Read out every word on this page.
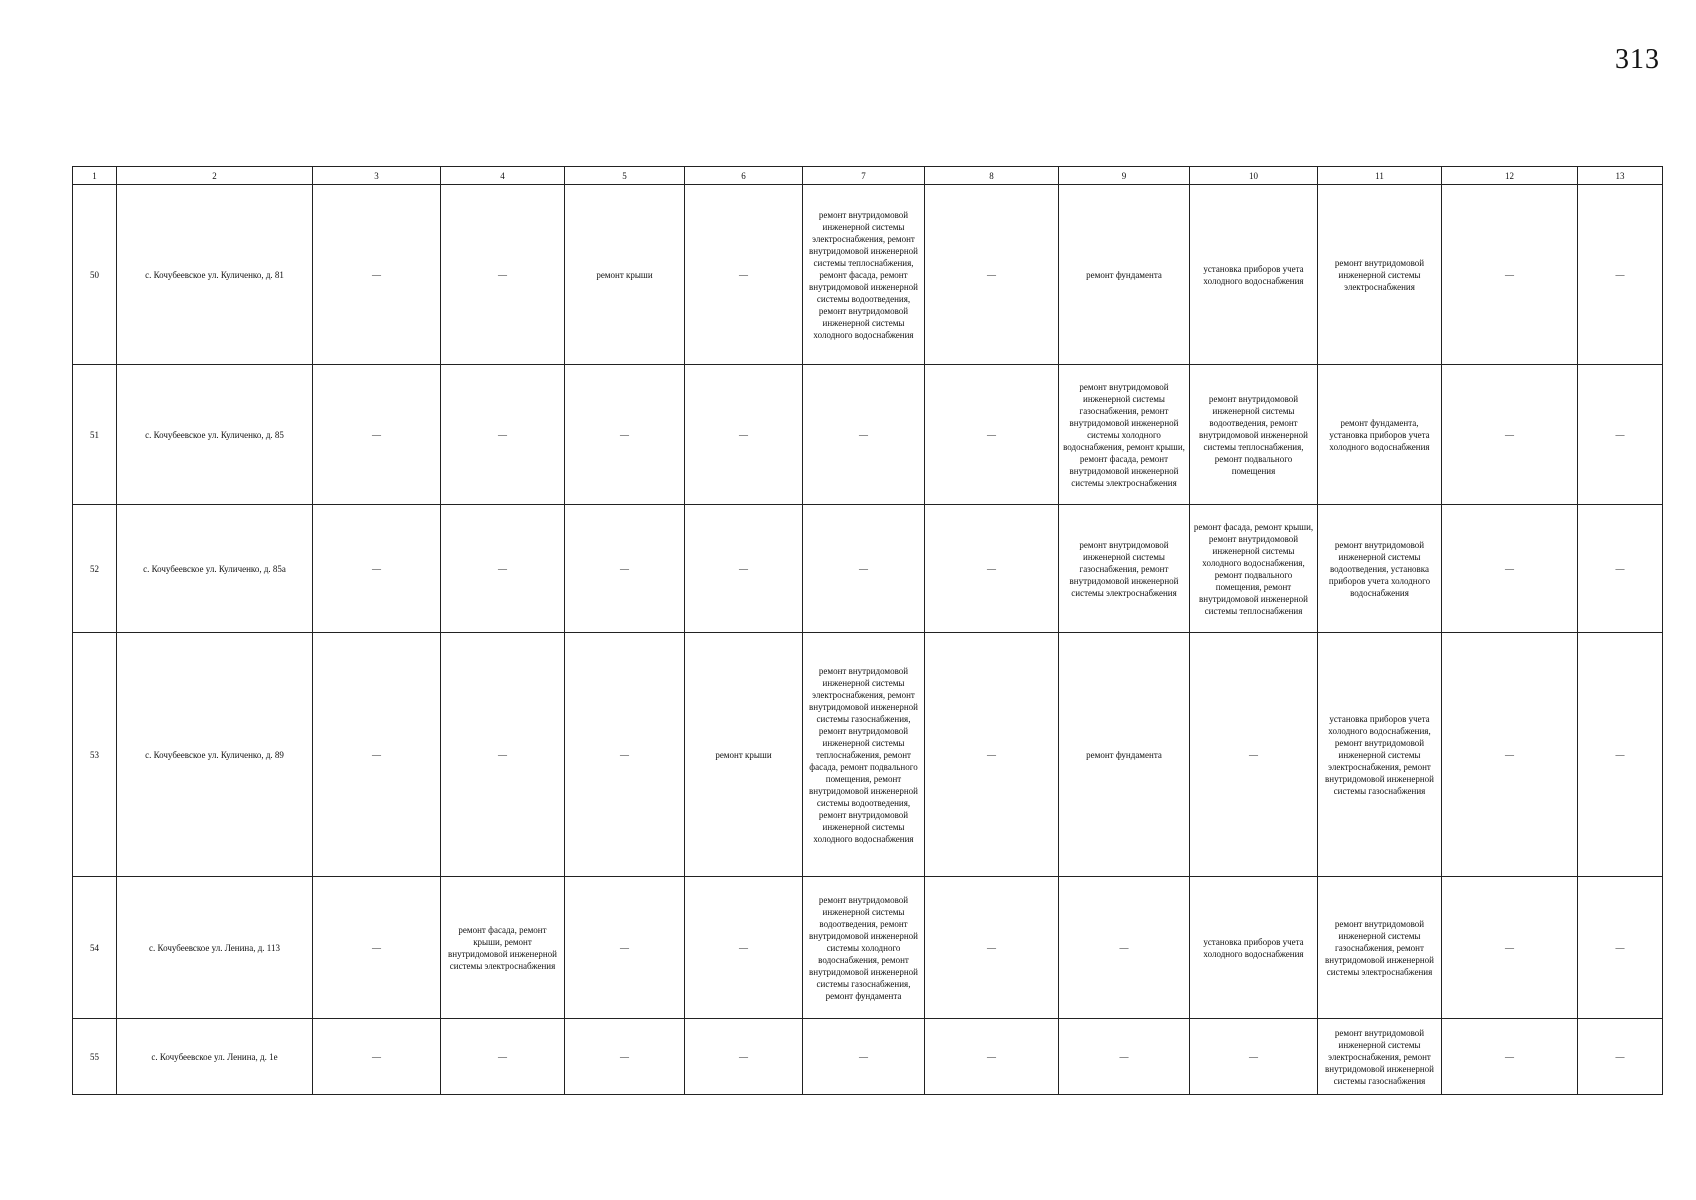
313
1	2	3	4	5	6	7	8	9	10	11	12	13
50	с. Кочубеевское ул. Куличенко, д. 81	—	—	ремонт крыши	—	ремонт внутридомовой инженерной системы электроснабжения, ремонт внутридомовой инженерной системы теплоснабжения, ремонт фасада, ремонт внутридомовой инженерной системы водоотведения, ремонт внутридомовой инженерной системы холодного водоснабжения	—	ремонт фундамента	установка приборов учета холодного водоснабжения	ремонт внутридомовой инженерной системы электроснабжения	—	—
51	с. Кочубеевское ул. Куличенко, д. 85	—	—	—	—	—	—	ремонт внутридомовой инженерной системы газоснабжения, ремонт внутридомовой инженерной системы холодного водоснабжения, ремонт крыши, ремонт фасада, ремонт внутридомовой инженерной системы электроснабжения	ремонт внутридомовой инженерной системы водоотведения, ремонт внутридомовой инженерной системы теплоснабжения, ремонт подвального помещения	ремонт фундамента, установка приборов учета холодного водоснабжения	—	—
52	с. Кочубеевское ул. Куличенко, д. 85а	—	—	—	—	—	—	ремонт внутридомовой инженерной системы газоснабжения, ремонт внутридомовой инженерной системы электроснабжения	ремонт фасада, ремонт крыши, ремонт внутридомовой инженерной системы холодного водоснабжения, ремонт подвального помещения, ремонт внутридомовой инженерной системы теплоснабжения	ремонт внутридомовой инженерной системы водоотведения, установка приборов учета холодного водоснабжения	—	—
53	с. Кочубеевское ул. Куличенко, д. 89	—	—	—	ремонт крыши	ремонт внутридомовой инженерной системы электроснабжения, ремонт внутридомовой инженерной системы газоснабжения, ремонт внутридомовой инженерной системы теплоснабжения, ремонт фасада, ремонт подвального помещения, ремонт внутридомовой инженерной системы водоотведения, ремонт внутридомовой инженерной системы холодного водоснабжения	—	ремонт фундамента	—	установка приборов учета холодного водоснабжения, ремонт внутридомовой инженерной системы электроснабжения, ремонт внутридомовой инженерной системы газоснабжения	—	—
54	с. Кочубеевское ул. Ленина, д. 113	—	ремонт фасада, ремонт крыши, ремонт внутридомовой инженерной системы электроснабжения	—	—	ремонт внутридомовой инженерной системы водоотведения, ремонт внутридомовой инженерной системы холодного водоснабжения, ремонт внутридомовой инженерной системы газоснабжения, ремонт фундамента	—	—	установка приборов учета холодного водоснабжения	ремонт внутридомовой инженерной системы газоснабжения, ремонт внутридомовой инженерной системы электроснабжения	—	—
55	с. Кочубеевское ул. Ленина, д. 1е	—	—	—	—	—	—	—	—	ремонт внутридомовой инженерной системы электроснабжения, ремонт внутридомовой инженерной системы газоснабжения	—	—
